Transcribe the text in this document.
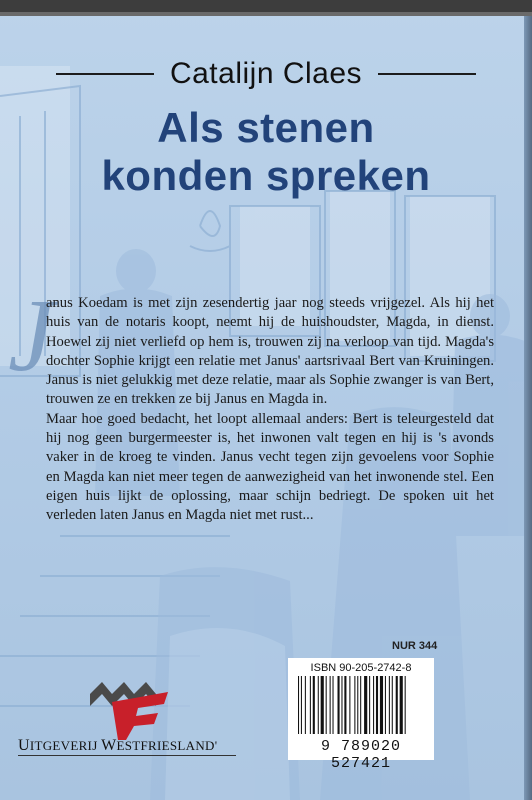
Catalijn Claes
Als stenen
konden spreken
J

anus Koedam is met zijn zesendertig jaar nog steeds vrijgezel. Als hij het huis van de notaris koopt, neemt hij de huishoudster, Magda, in dienst. Hoewel zij niet verliefd op hem is, trouwen zij na verloop van tijd. Magda's dochter Sophie krijgt een relatie met Janus' aartsrivaal Bert van Kruiningen. Janus is niet gelukkig met deze relatie, maar als Sophie zwanger is van Bert, trouwen ze en trekken ze bij Janus en Magda in.

Maar hoe goed bedacht, het loopt allemaal anders: Bert is teleurgesteld dat hij nog geen burgermeester is, het inwonen valt tegen en hij is 's avonds vaker in de kroeg te vinden. Janus vecht tegen zijn gevoelens voor Sophie en Magda kan niet meer tegen de aanwezigheid van het inwonende stel. Een eigen huis lijkt de oplossing, maar schijn bedriegt. De spoken uit het verleden laten Janus en Magda niet met rust...

NUR 344
ISBN 90-205-2742-8
9 789020 527421
UITGEVERIJ WESTFRIESLAND'
